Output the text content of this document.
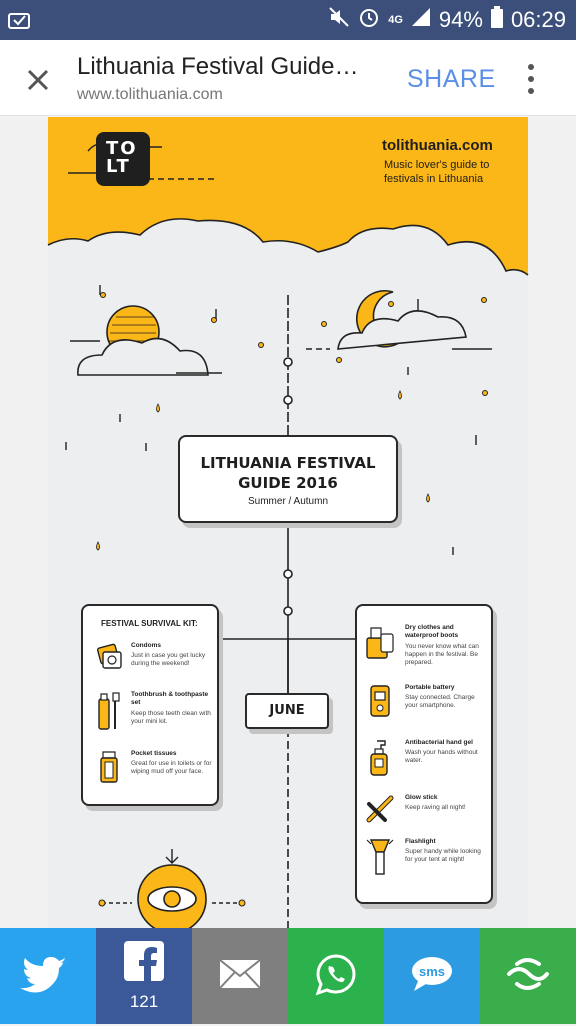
4G 94% 06:29
Lithuania Festival Guide…
www.tolithuania.com
SHARE
TO
LT
tolithuania.com
Music lover's guide to festivals in Lithuania
LITHUANIA FESTIVAL
GUIDE 2016
Summer / Autumn
FESTIVAL SURVIVAL KIT:
Condoms
Just in case you get lucky during the weekend!
Toothbrush & toothpaste set
Keep those teeth clean with your mini kit.
Pocket tissues
Great for use in toilets or for wiping mud off your face.
Dry clothes and waterproof boots
You never know what can happen in the festival. Be prepared.
Portable battery
Stay connected. Charge your smartphone.
Antibacterial hand gel
Wash your hands without water.
Glow stick
Keep raving all night!
Flashlight
Super handy while looking for your tent at night!
JUNE
121
sms
